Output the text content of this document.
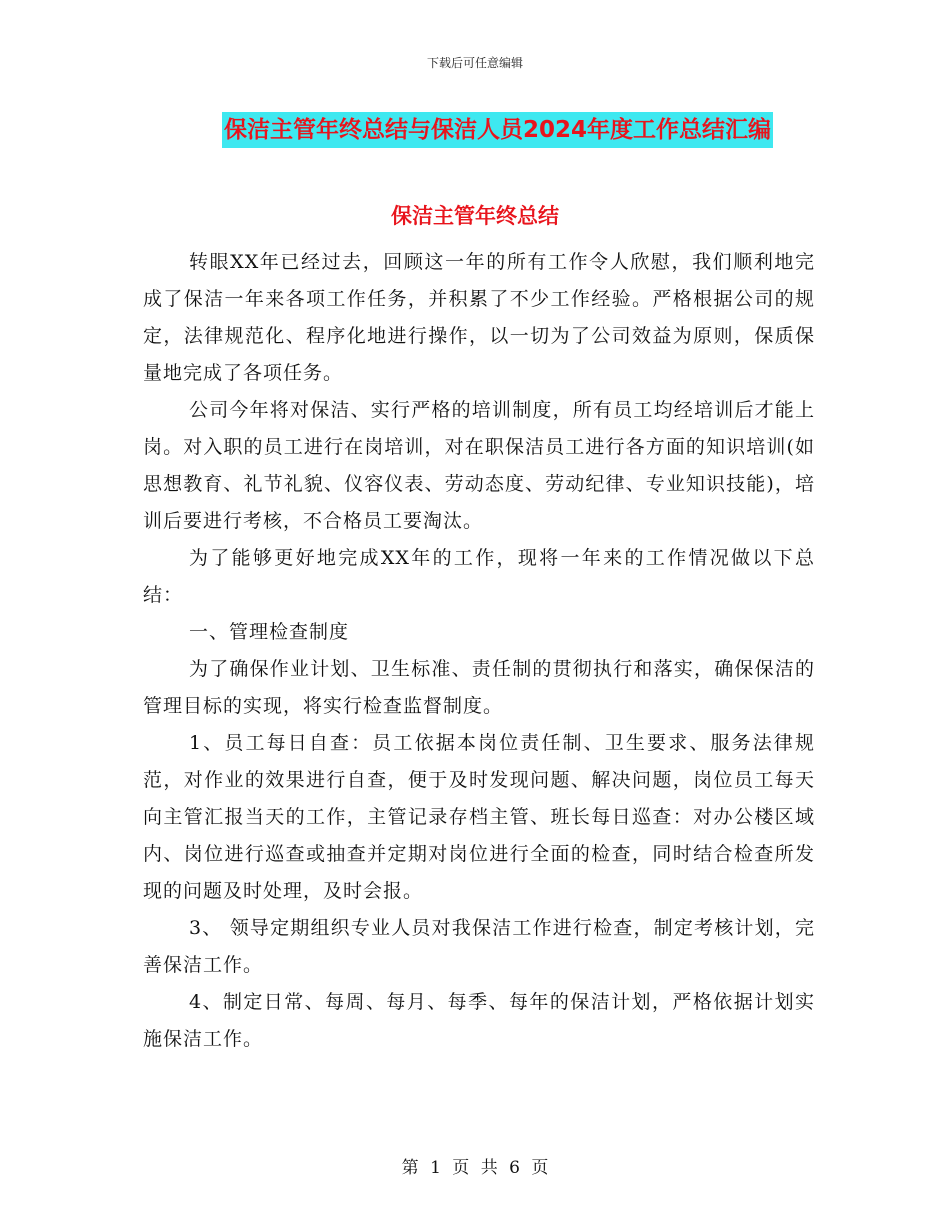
下载后可任意编辑
保洁主管年终总结与保洁人员2024年度工作总结汇编
保洁主管年终总结

转眼XX年已经过去，回顾这一年的所有工作令人欣慰，我们顺利地完成了保洁一年来各项工作任务，并积累了不少工作经验。严格根据公司的规定，法律规范化、程序化地进行操作，以一切为了公司效益为原则，保质保量地完成了各项任务。

公司今年将对保洁、实行严格的培训制度，所有员工均经培训后才能上岗。对入职的员工进行在岗培训，对在职保洁员工进行各方面的知识培训(如思想教育、礼节礼貌、仪容仪表、劳动态度、劳动纪律、专业知识技能)，培训后要进行考核，不合格员工要淘汰。

为了能够更好地完成XX年的工作，现将一年来的工作情况做以下总结：

一、管理检查制度

为了确保作业计划、卫生标准、责任制的贯彻执行和落实，确保保洁的管理目标的实现，将实行检查监督制度。

1、员工每日自查：员工依据本岗位责任制、卫生要求、服务法律规范，对作业的效果进行自查，便于及时发现问题、解决问题，岗位员工每天向主管汇报当天的工作，主管记录存档主管、班长每日巡查：对办公楼区域内、岗位进行巡查或抽查并定期对岗位进行全面的检查，同时结合检查所发现的问题及时处理，及时会报。

3、 领导定期组织专业人员对我保洁工作进行检查，制定考核计划，完善保洁工作。

4、制定日常、每周、每月、每季、每年的保洁计划，严格依据计划实施保洁工作。

第 1 页 共 6 页
